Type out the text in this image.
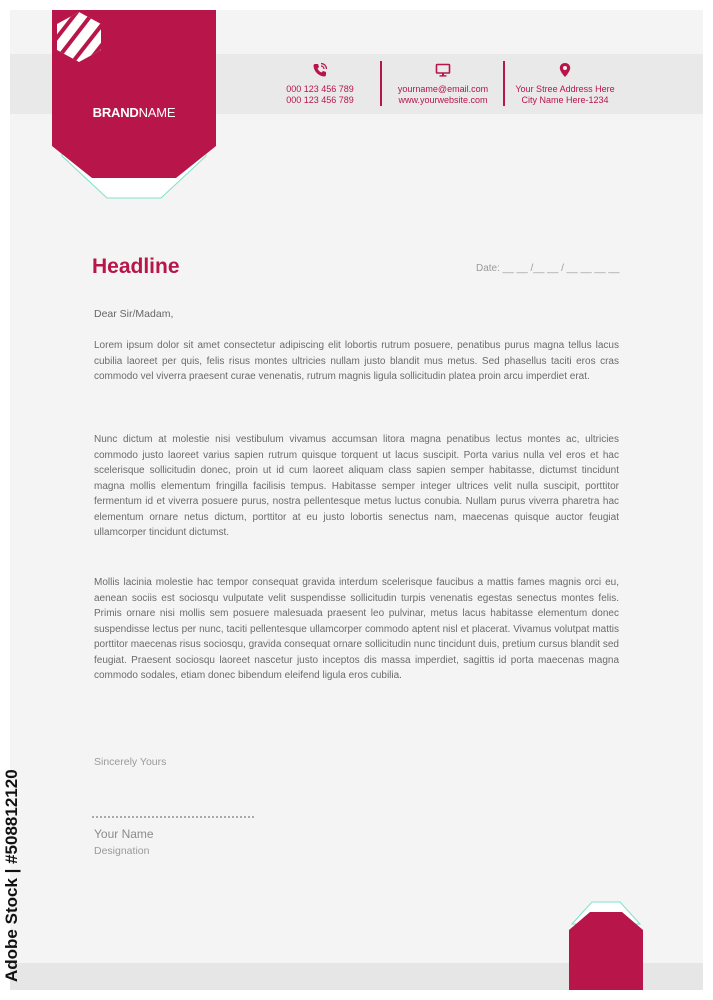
BRANDNAME
000 123 456 789
000 123 456 789
yourname@email.com
www.yourwebsite.com
Your Stree Address Here
City Name Here-1234
Headline	Date: __ __ /__ __ / __ __ __ __
Dear Sir/Madam,

Lorem ipsum dolor sit amet consectetur adipiscing elit lobortis rutrum posuere, penatibus purus magna tellus lacus cubilia laoreet per quis, felis risus montes ultricies nullam justo blandit mus metus. Sed phasellus taciti eros cras commodo vel viverra praesent curae venenatis, rutrum magnis ligula sollicitudin platea proin arcu imperdiet erat.

Nunc dictum at molestie nisi vestibulum vivamus accumsan litora magna penatibus lectus montes ac, ultricies commodo justo laoreet varius sapien rutrum quisque torquent ut lacus suscipit. Porta varius nulla vel eros et hac scelerisque sollicitudin donec, proin ut id cum laoreet aliquam class sapien semper habitasse, dictumst tincidunt magna mollis elementum fringilla facilisis tempus. Habitasse semper integer ultrices velit nulla suscipit, porttitor fermentum id et viverra posuere purus, nostra pellentesque metus luctus conubia. Nullam purus viverra pharetra hac elementum ornare netus dictum, porttitor at eu justo lobortis senectus nam, maecenas quisque auctor feugiat ullamcorper tincidunt dictumst.

Mollis lacinia molestie hac tempor consequat gravida interdum scelerisque faucibus a mattis fames magnis orci eu, aenean sociis est sociosqu vulputate velit suspendisse sollicitudin turpis venenatis egestas senectus montes felis. Primis ornare nisi mollis sem posuere malesuada praesent leo pulvinar, metus lacus habitasse elementum donec suspendisse lectus per nunc, taciti pellentesque ullamcorper commodo aptent nisl et placerat. Vivamus volutpat mattis porttitor maecenas risus sociosqu, gravida consequat ornare sollicitudin nunc tincidunt duis, pretium cursus blandit sed feugiat. Praesent sociosqu laoreet nascetur justo inceptos dis massa imperdiet, sagittis id porta maecenas magna commodo sodales, etiam donec bibendum eleifend ligula eros cubilia.

Sincerely Yours
Your Name
Designation
Adobe Stock | #508812120
